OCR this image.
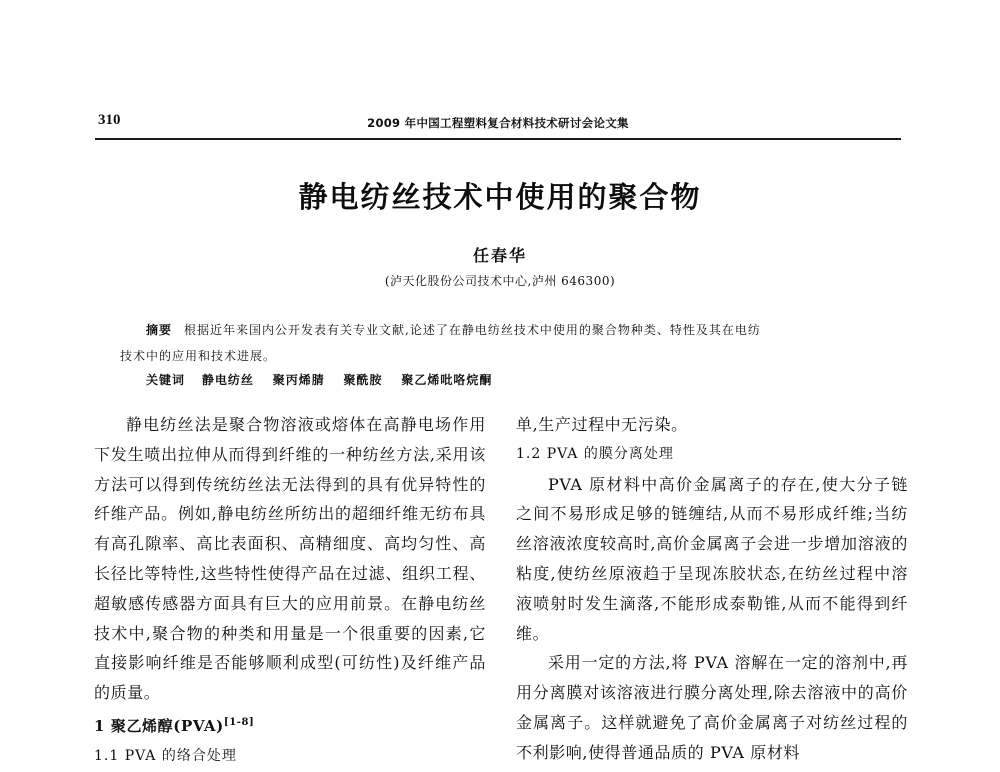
310	2009 年中国工程塑料复合材料技术研讨会论文集
静电纺丝技术中使用的聚合物
任春华
(泸天化股份公司技术中心,泸州 646300)
摘要 根据近年来国内公开发表有关专业文献,论述了在静电纺丝技术中使用的聚合物种类、特性及其在电纺
技术中的应用和技术进展。
关键词 静电纺丝 聚丙烯腈 聚酰胺 聚乙烯吡咯烷酮

静电纺丝法是聚合物溶液或熔体在高静电场作用下发生喷出拉伸从而得到纤维的一种纺丝方法,采用该方法可以得到传统纺丝法无法得到的具有优异特性的纤维产品。例如,静电纺丝所纺出的超细纤维无纺布具有高孔隙率、高比表面积、高精细度、高均匀性、高长径比等特性,这些特性使得产品在过滤、组织工程、超敏感传感器方面具有巨大的应用前景。在静电纺丝技术中,聚合物的种类和用量是一个很重要的因素,它直接影响纤维是否能够顺利成型(可纺性)及纤维产品的质量。

1 聚乙烯醇(PVA)[1-8]
1.1 PVA 的络合处理

单,生产过程中无污染。

1.2 PVA 的膜分离处理

PVA 原材料中高价金属离子的存在,使大分子链之间不易形成足够的链缠结,从而不易形成纤维;当纺丝溶液浓度较高时,高价金属离子会进一步增加溶液的粘度,使纺丝原液趋于呈现冻胶状态,在纺丝过程中溶液喷射时发生滴落,不能形成泰勒锥,从而不能得到纤维。

采用一定的方法,将 PVA 溶解在一定的溶剂中,再用分离膜对该溶液进行膜分离处理,除去溶液中的高价金属离子。这样就避免了高价金属离子对纺丝过程的不利影响,使得普通品质的 PVA 原材料
